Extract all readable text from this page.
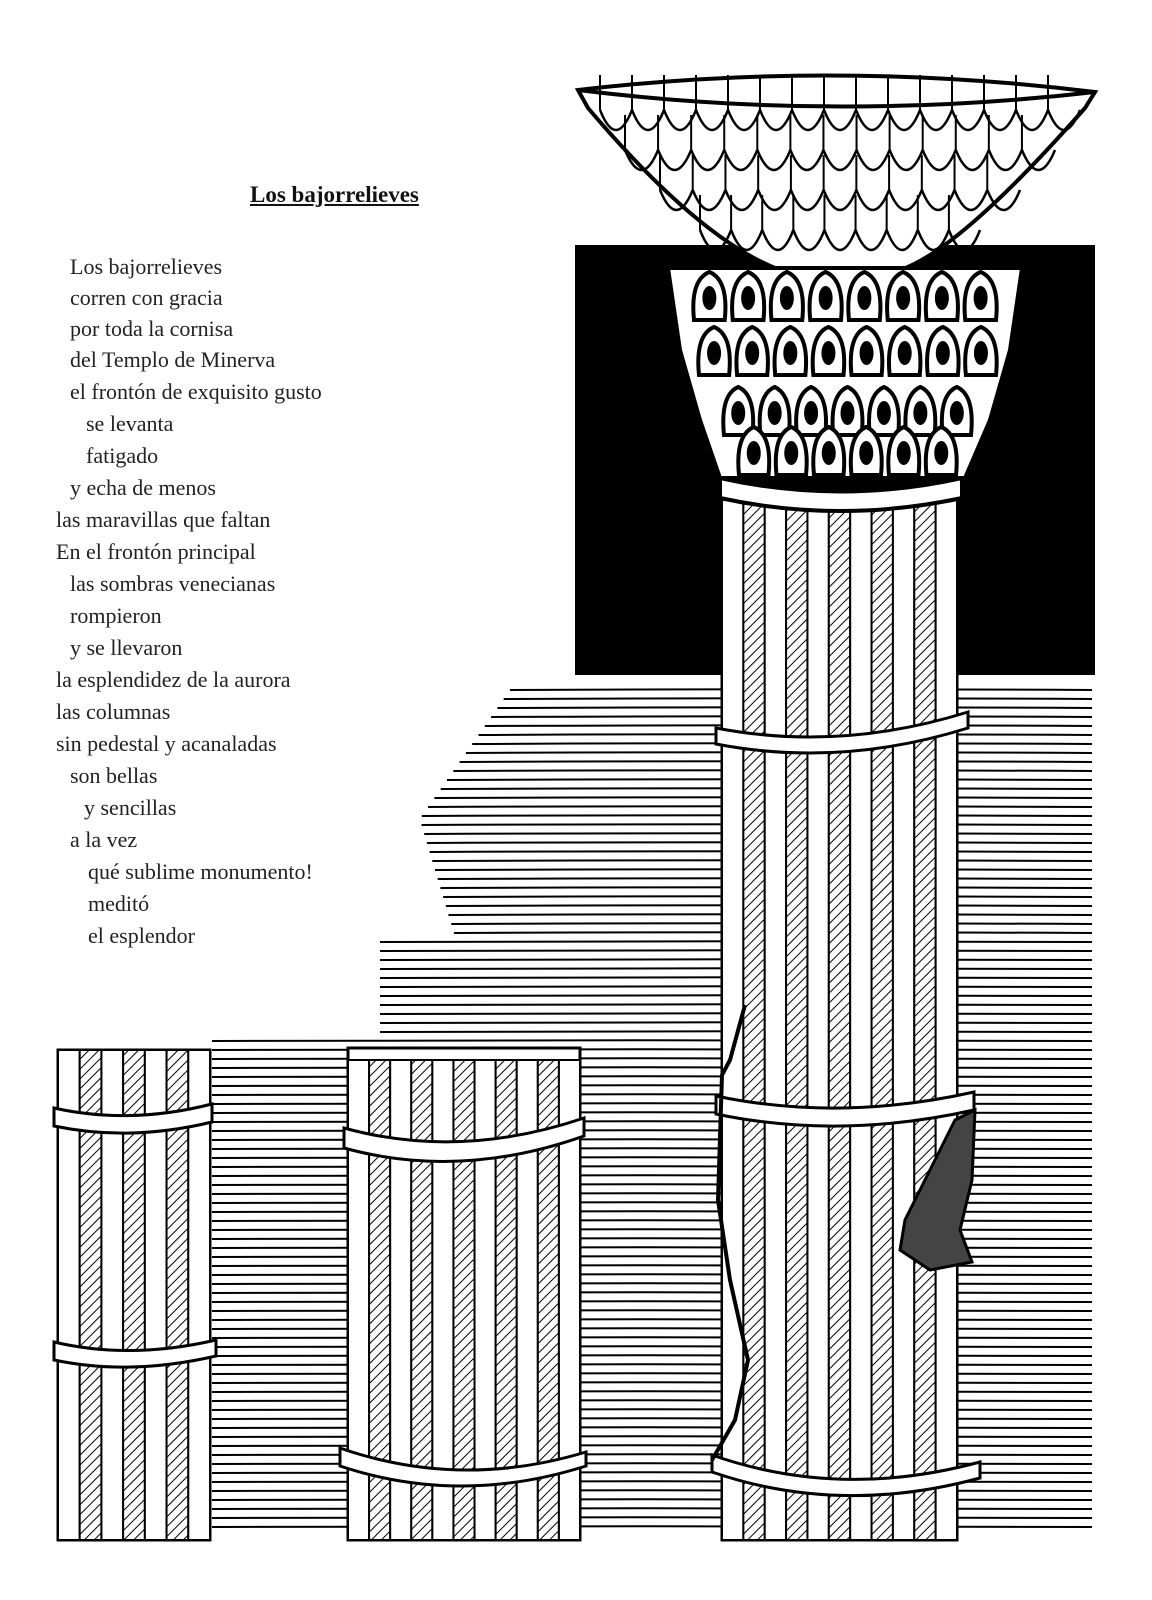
Los bajorrelieves
Los bajorrelieves
corren con gracia
por toda la cornisa
del Templo de Minerva
el frontón de exquisito gusto
se levanta
fatigado
y echa de menos
las maravillas que faltan
En el frontón principal
las sombras venecianas
rompieron
y se llevaron
la esplendidez de la aurora
las columnas
sin pedestal y acanaladas
son bellas
y sencillas
a la vez
qué sublime monumento!
meditó
el esplendor
